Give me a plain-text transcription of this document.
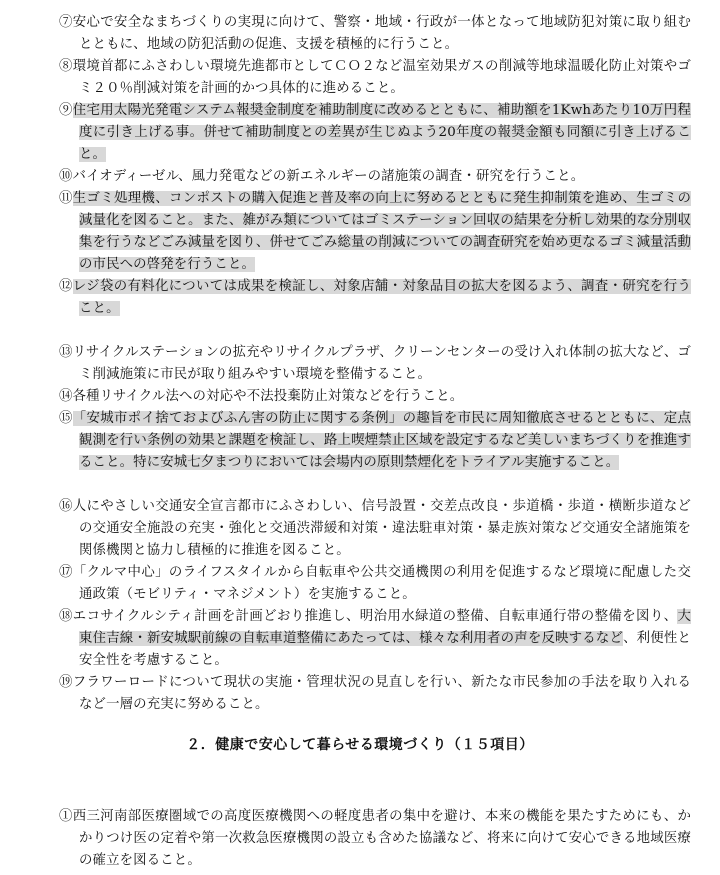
⑦安心で安全なまちづくりの実現に向けて、警察・地域・行政が一体となって地域防犯対策に取り組むとともに、地域の防犯活動の促進、支援を積極的に行うこと。

⑧環境首都にふさわしい環境先進都市としてＣＯ２など温室効果ガスの削減等地球温暖化防止対策やゴミ２０％削減対策を計画的かつ具体的に進めること。

⑨住宅用太陽光発電システム報奨金制度を補助制度に改めるとともに、補助額を1Kwhあたり10万円程度に引き上げる事。併せて補助制度との差異が生じぬよう20年度の報奨金額も同額に引き上げること。

⑩バイオディーゼル、風力発電などの新エネルギーの諸施策の調査・研究を行うこと。

⑪生ゴミ処理機、コンポストの購入促進と普及率の向上に努めるとともに発生抑制策を進め、生ゴミの減量化を図ること。また、雑がみ類についてはゴミステーション回収の結果を分析し効果的な分別収集を行うなどごみ減量を図り、併せてごみ総量の削減についての調査研究を始め更なるゴミ減量活動の市民への啓発を行うこと。

⑫レジ袋の有料化については成果を検証し、対象店舗・対象品目の拡大を図るよう、調査・研究を行うこと。

⑬リサイクルステーションの拡充やリサイクルプラザ、クリーンセンターの受け入れ体制の拡大など、ゴミ削減施策に市民が取り組みやすい環境を整備すること。

⑭各種リサイクル法への対応や不法投棄防止対策などを行うこと。

⑮「安城市ポイ捨ておよびふん害の防止に関する条例」の趣旨を市民に周知徹底させるとともに、定点観測を行い条例の効果と課題を検証し、路上喫煙禁止区域を設定するなど美しいまちづくりを推進すること。特に安城七夕まつりにおいては会場内の原則禁煙化をトライアル実施すること。

⑯人にやさしい交通安全宣言都市にふさわしい、信号設置・交差点改良・歩道橋・歩道・横断歩道などの交通安全施設の充実・強化と交通渋滞緩和対策・違法駐車対策・暴走族対策など交通安全諸施策を関係機関と協力し積極的に推進を図ること。

⑰「クルマ中心」のライフスタイルから自転車や公共交通機関の利用を促進するなど環境に配慮した交通政策（モビリティ・マネジメント）を実施すること。

⑱エコサイクルシティ計画を計画どおり推進し、明治用水緑道の整備、自転車通行帯の整備を図り、大東住吉線・新安城駅前線の自転車道整備にあたっては、様々な利用者の声を反映するなど、利便性と安全性を考慮すること。

⑲フラワーロードについて現状の実施・管理状況の見直しを行い、新たな市民参加の手法を取り入れるなど一層の充実に努めること。

２．健康で安心して暮らせる環境づくり（１５項目）

①西三河南部医療圏域での高度医療機関への軽度患者の集中を避け、本来の機能を果たすためにも、かかりつけ医の定着や第一次救急医療機関の設立も含めた協議など、将来に向けて安心できる地域医療の確立を図ること。
